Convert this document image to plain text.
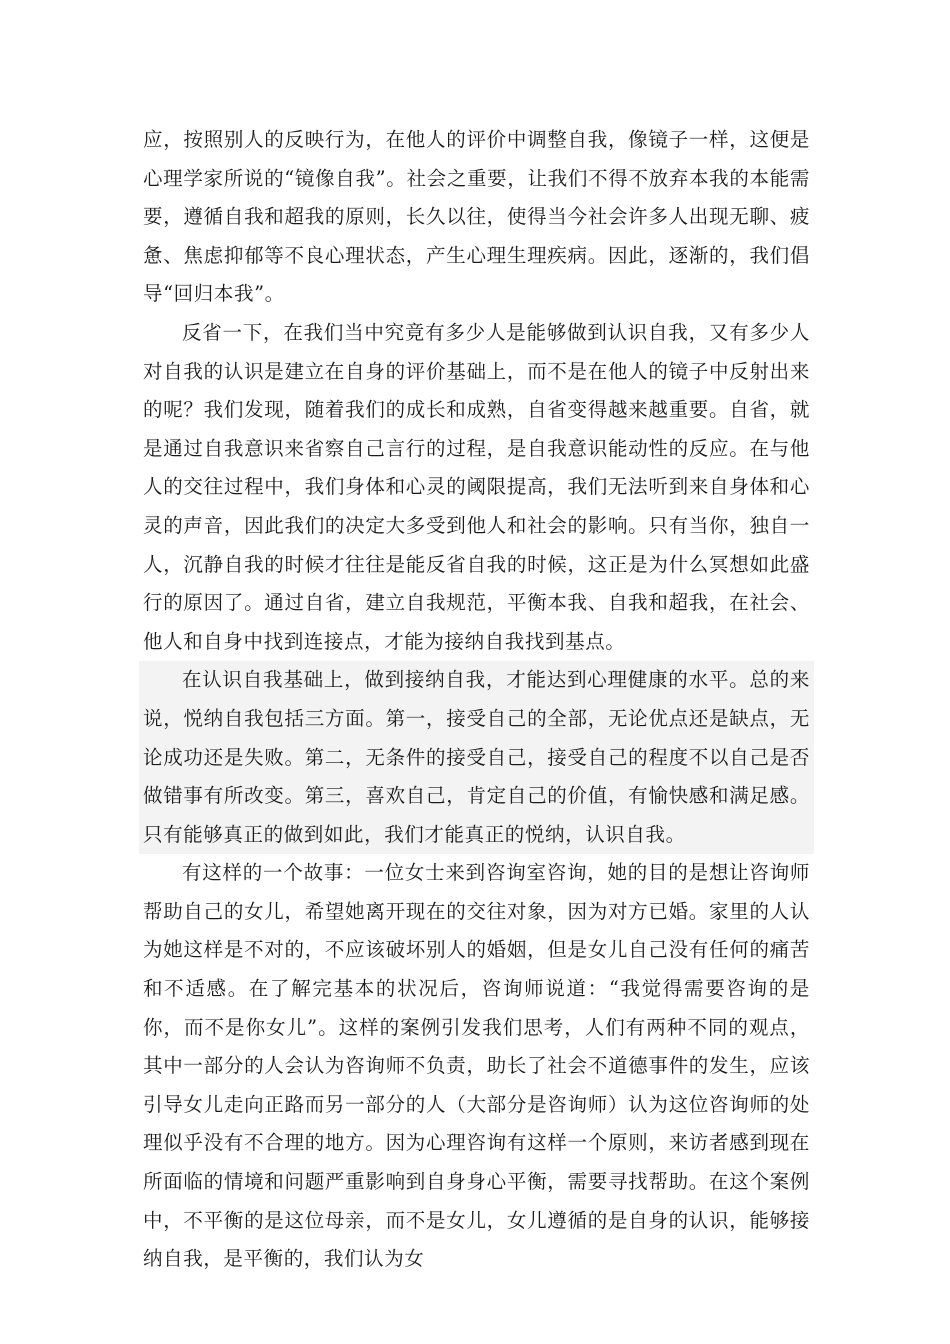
应，按照别人的反映行为，在他人的评价中调整自我，像镜子一样，这便是心理学家所说的“镜像自我”。社会之重要，让我们不得不放弃本我的本能需要，遵循自我和超我的原则，长久以往，使得当今社会许多人出现无聊、疲惫、焦虑抑郁等不良心理状态，产生心理生理疾病。因此，逐渐的，我们倡导“回归本我”。

反省一下，在我们当中究竟有多少人是能够做到认识自我，又有多少人对自我的认识是建立在自身的评价基础上，而不是在他人的镜子中反射出来的呢？我们发现，随着我们的成长和成熟，自省变得越来越重要。自省，就是通过自我意识来省察自己言行的过程，是自我意识能动性的反应。在与他人的交往过程中，我们身体和心灵的阈限提高，我们无法听到来自身体和心灵的声音，因此我们的决定大多受到他人和社会的影响。只有当你，独自一人，沉静自我的时候才往往是能反省自我的时候，这正是为什么冥想如此盛行的原因了。通过自省，建立自我规范，平衡本我、自我和超我，在社会、他人和自身中找到连接点，才能为接纳自我找到基点。

在认识自我基础上，做到接纳自我，才能达到心理健康的水平。总的来说，悦纳自我包括三方面。第一，接受自己的全部，无论优点还是缺点，无论成功还是失败。第二，无条件的接受自己，接受自己的程度不以自己是否做错事有所改变。第三，喜欢自己，肯定自己的价值，有愉快感和满足感。只有能够真正的做到如此，我们才能真正的悦纳，认识自我。

有这样的一个故事：一位女士来到咨询室咨询，她的目的是想让咨询师帮助自己的女儿，希望她离开现在的交往对象，因为对方已婚。家里的人认为她这样是不对的，不应该破坏别人的婚姻，但是女儿自己没有任何的痛苦和不适感。在了解完基本的状况后，咨询师说道：“我觉得需要咨询的是你，而不是你女儿”。这样的案例引发我们思考，人们有两种不同的观点，其中一部分的人会认为咨询师不负责，助长了社会不道德事件的发生，应该引导女儿走向正路而另一部分的人（大部分是咨询师）认为这位咨询师的处理似乎没有不合理的地方。因为心理咨询有这样一个原则，来访者感到现在所面临的情境和问题严重影响到自身身心平衡，需要寻找帮助。在这个案例中，不平衡的是这位母亲，而不是女儿，女儿遵循的是自身的认识，能够接纳自我，是平衡的，我们认为女
